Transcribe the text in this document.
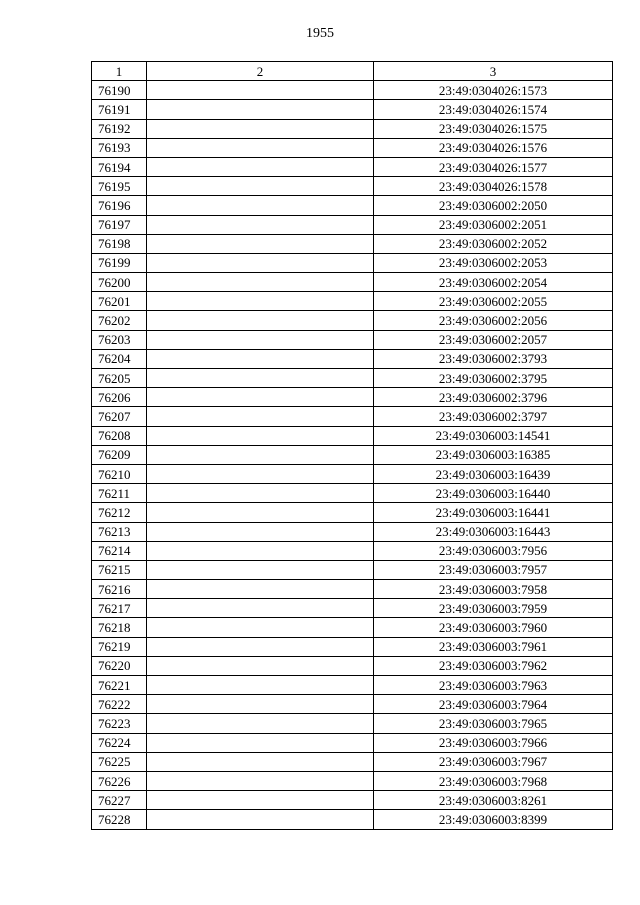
1955
1	2	3
76190		23:49:0304026:1573
76191		23:49:0304026:1574
76192		23:49:0304026:1575
76193		23:49:0304026:1576
76194		23:49:0304026:1577
76195		23:49:0304026:1578
76196		23:49:0306002:2050
76197		23:49:0306002:2051
76198		23:49:0306002:2052
76199		23:49:0306002:2053
76200		23:49:0306002:2054
76201		23:49:0306002:2055
76202		23:49:0306002:2056
76203		23:49:0306002:2057
76204		23:49:0306002:3793
76205		23:49:0306002:3795
76206		23:49:0306002:3796
76207		23:49:0306002:3797
76208		23:49:0306003:14541
76209		23:49:0306003:16385
76210		23:49:0306003:16439
76211		23:49:0306003:16440
76212		23:49:0306003:16441
76213		23:49:0306003:16443
76214		23:49:0306003:7956
76215		23:49:0306003:7957
76216		23:49:0306003:7958
76217		23:49:0306003:7959
76218		23:49:0306003:7960
76219		23:49:0306003:7961
76220		23:49:0306003:7962
76221		23:49:0306003:7963
76222		23:49:0306003:7964
76223		23:49:0306003:7965
76224		23:49:0306003:7966
76225		23:49:0306003:7967
76226		23:49:0306003:7968
76227		23:49:0306003:8261
76228		23:49:0306003:8399
